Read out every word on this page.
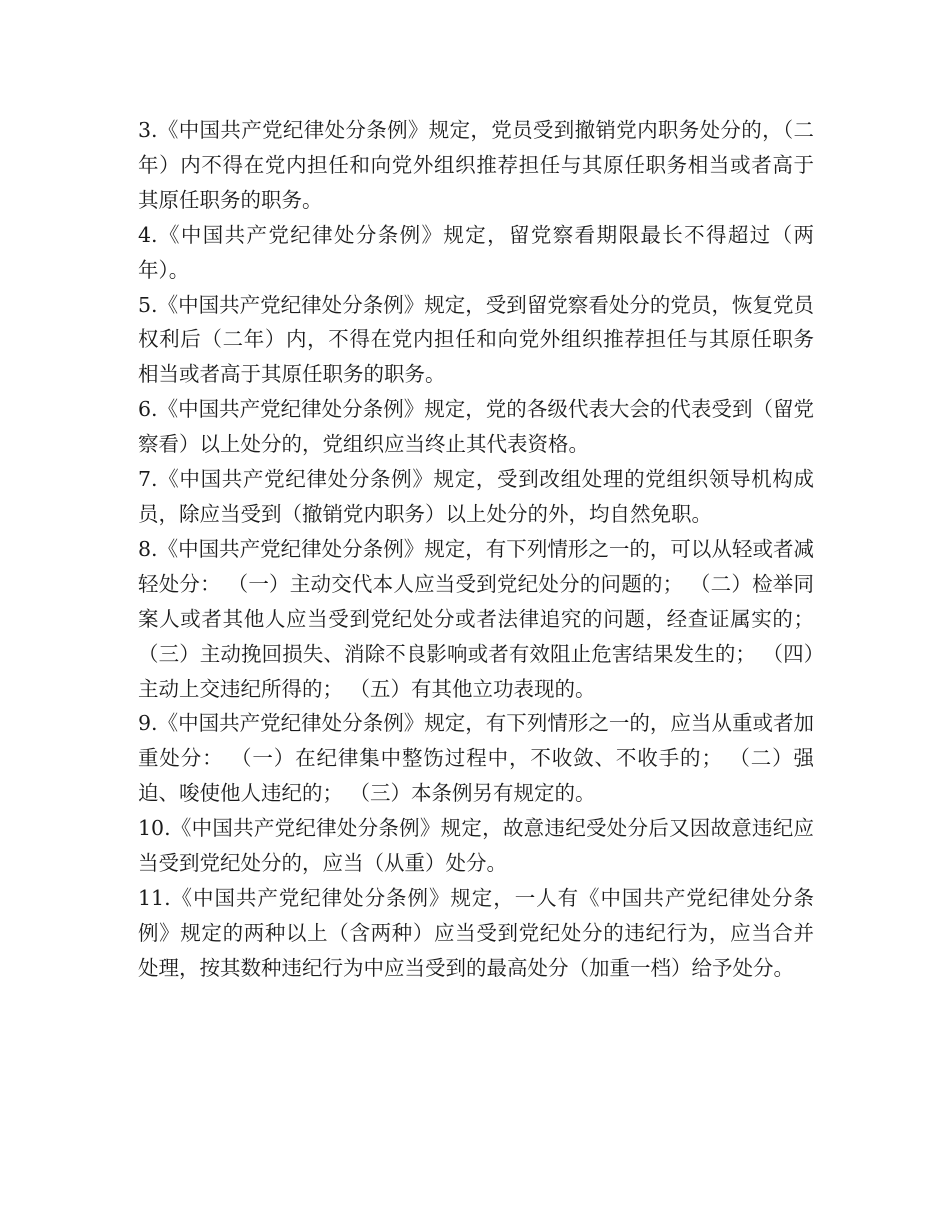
3.《中国共产党纪律处分条例》规定，党员受到撤销党内职务处分的，（二年）内不得在党内担任和向党外组织推荐担任与其原任职务相当或者高于其原任职务的职务。

4.《中国共产党纪律处分条例》规定，留党察看期限最长不得超过（两年）。

5.《中国共产党纪律处分条例》规定，受到留党察看处分的党员，恢复党员权利后（二年）内，不得在党内担任和向党外组织推荐担任与其原任职务相当或者高于其原任职务的职务。

6.《中国共产党纪律处分条例》规定，党的各级代表大会的代表受到（留党察看）以上处分的，党组织应当终止其代表资格。

7.《中国共产党纪律处分条例》规定，受到改组处理的党组织领导机构成员，除应当受到（撤销党内职务）以上处分的外，均自然免职。

8.《中国共产党纪律处分条例》规定，有下列情形之一的，可以从轻或者减轻处分： （一）主动交代本人应当受到党纪处分的问题的； （二）检举同案人或者其他人应当受到党纪处分或者法律追究的问题，经查证属实的； （三）主动挽回损失、消除不良影响或者有效阻止危害结果发生的； （四）主动上交违纪所得的； （五）有其他立功表现的。

9.《中国共产党纪律处分条例》规定，有下列情形之一的，应当从重或者加重处分： （一）在纪律集中整饬过程中，不收敛、不收手的； （二）强迫、唆使他人违纪的； （三）本条例另有规定的。

10.《中国共产党纪律处分条例》规定，故意违纪受处分后又因故意违纪应当受到党纪处分的，应当（从重）处分。

11.《中国共产党纪律处分条例》规定，一人有《中国共产党纪律处分条例》规定的两种以上（含两种）应当受到党纪处分的违纪行为，应当合并处理，按其数种违纪行为中应当受到的最高处分（加重一档）给予处分。
